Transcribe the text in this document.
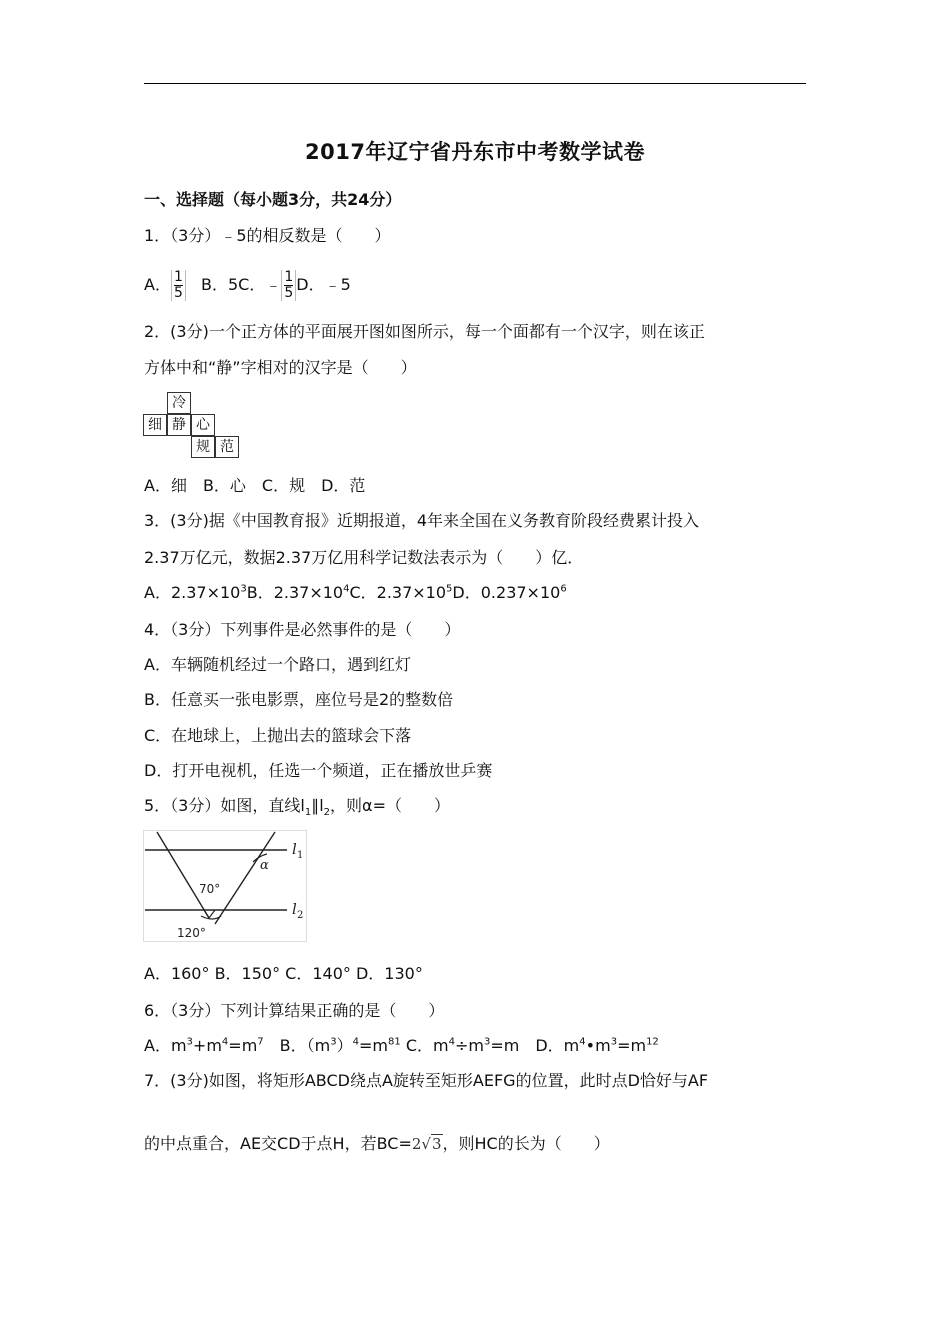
2017年辽宁省丹东市中考数学试卷
一、选择题（每小题3分，共24分）
1．（3分）﹣5的相反数是（　　）
A． $\frac{1}{5}$ B．5C．﹣ $\frac{1}{5}$ D．﹣5
2．(3分)一个正方体的平面展开图如图所示，每一个面都有一个汉字，则在该正
方体中和“静”字相对的汉字是（　　）
冷
细 静 心
规 范
A．细　B．心　C．规　D．范
3．(3分)据《中国教育报》近期报道，4年来全国在义务教育阶段经费累计投入
2.37万亿元，数据2.37万亿用科学记数法表示为（　　）亿．
A．$2.37\times 10^3B$．$2.37\times 10^4C$．$2.37\times 10^5D$．$0.237\times 10^6$
4．（3分）下列事件是必然事件的是（　　）
A．车辆随机经过一个路口，遇到红灯
B．任意买一张电影票，座位号是2的整数倍
C．在地球上，上抛出去的篮球会下落
D．打开电视机，任选一个频道，正在播放世乒赛
5．（3分）如图，直线$l_1\parallel l_2$，则α=（　　）
l 1
l 2
α
70°
120°
A．160° B．150° C．140° D．130°
6．（3分）下列计算结果正确的是（　　）
A．$m^3+m^4=m^7$　B．$(m^3)^4=m^{81}$ C．$m^4\div m^3=m$　D．$m^4•m^3=m^{12}$
7．(3分)如图，将矩形ABCD绕点A旋转至矩形AEFG的位置，此时点D恰好与AF
的中点重合，AE交CD于点H，若BC=2√3，则HC的长为（　　）
